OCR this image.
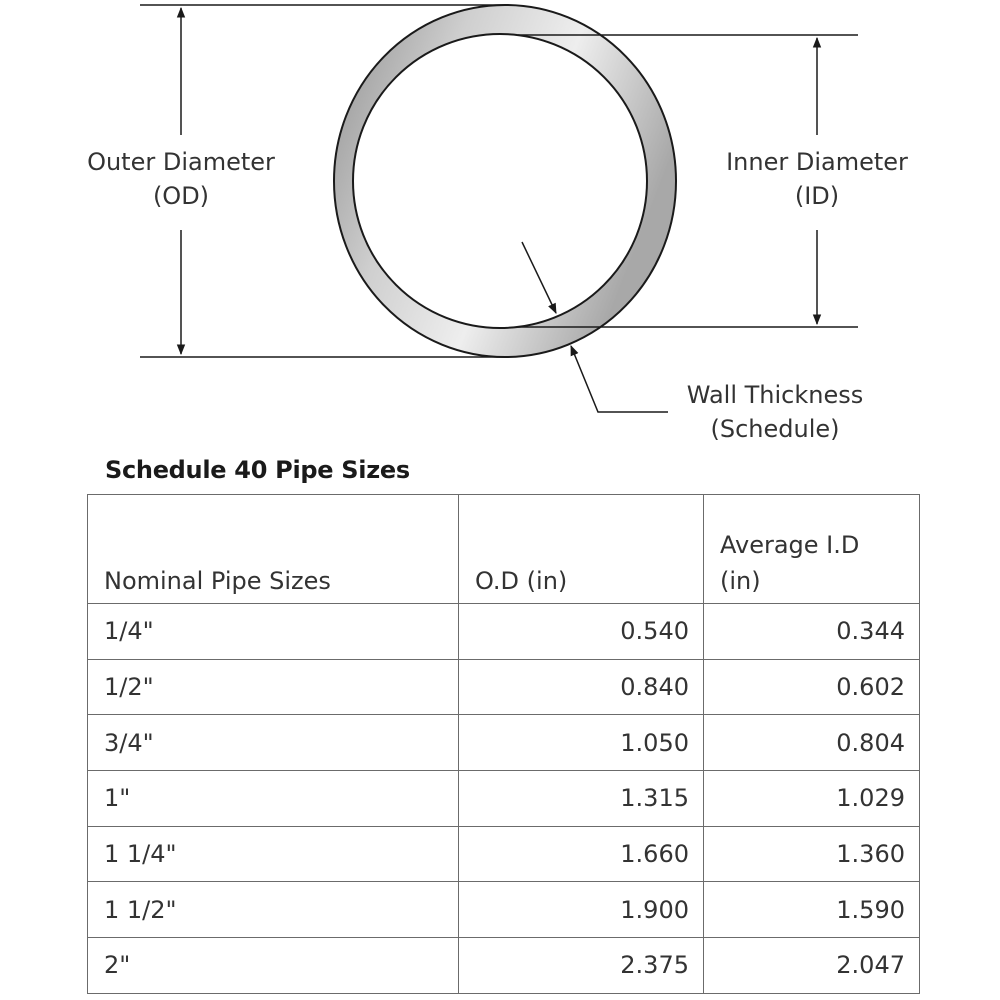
Outer Diameter
(OD)
Inner Diameter
(ID)
Wall Thickness
(Schedule)
Schedule 40 Pipe Sizes
Nominal Pipe Sizes	O.D (in)	Average I.D (in)
1/4"	0.540	0.344
1/2"	0.840	0.602
3/4"	1.050	0.804
1"	1.315	1.029
1 1/4"	1.660	1.360
1 1/2"	1.900	1.590
2"	2.375	2.047
